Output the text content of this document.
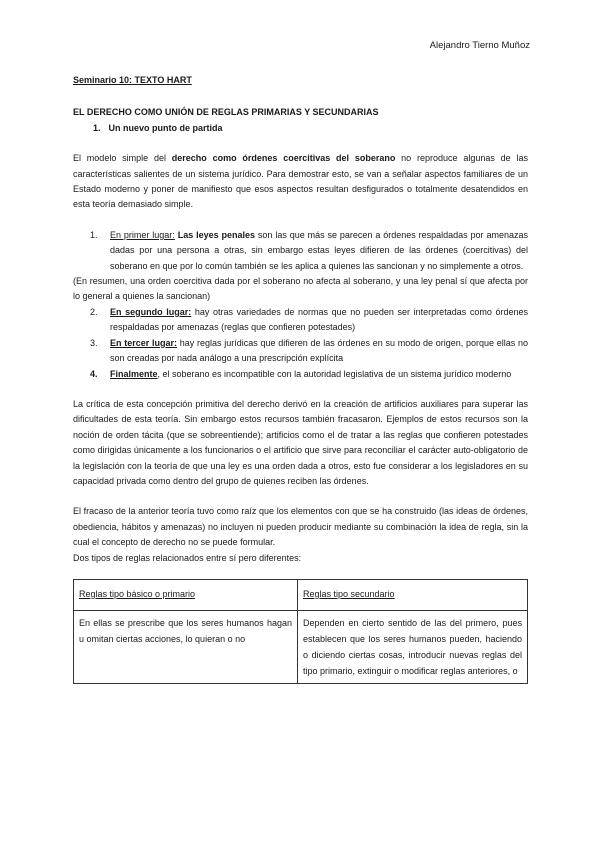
Alejandro Tierno Muñoz

Seminario 10: TEXTO HART

EL DERECHO COMO UNIÓN DE REGLAS PRIMARIAS Y SECUNDARIAS

1. Un nuevo punto de partida

El modelo simple del derecho como órdenes coercitivas del soberano no reproduce algunas de las características salientes de un sistema jurídico. Para demostrar esto, se van a señalar aspectos familiares de un Estado moderno y poner de manifiesto que esos aspectos resultan desfigurados o totalmente desatendidos en esta teoría demasiado simple.

1. En primer lugar: Las leyes penales son las que más se parecen a órdenes respaldadas por amenazas dadas por una persona a otras, sin embargo estas leyes difieren de las órdenes (coercitivas) del soberano en que por lo común también se les aplica a quienes las sancionan y no simplemente a otros.

(En resumen, una orden coercitiva dada por el soberano no afecta al soberano, y una ley penal sí que afecta por lo general a quienes la sancionan)

2. En segundo lugar: hay otras variedades de normas que no pueden ser interpretadas como órdenes respaldadas por amenazas (reglas que confieren potestades)
3. En tercer lugar: hay reglas jurídicas que difieren de las órdenes en su modo de origen, porque ellas no son creadas por nada análogo a una prescripción explícita
4. Finalmente, el soberano es incompatible con la autoridad legislativa de un sistema jurídico moderno

La crítica de esta concepción primitiva del derecho derivó en la creación de artificios auxiliares para superar las dificultades de esta teoría. Sin embargo estos recursos también fracasaron. Ejemplos de estos recursos son la noción de orden tácita (que se sobreentiende); artificios como el de tratar a las reglas que confieren potestades como dirigidas únicamente a los funcionarios o el artificio que sirve para reconciliar el carácter auto-obligatorio de la legislación con la teoría de que una ley es una orden dada a otros, esto fue considerar a los legisladores en su capacidad privada como dentro del grupo de quienes reciben las órdenes.

El fracaso de la anterior teoría tuvo como raíz que los elementos con que se ha construido (las ideas de órdenes, obediencia, hábitos y amenazas) no incluyen ni pueden producir mediante su combinación la idea de regla, sin la cual el concepto de derecho no se puede formular.

Dos tipos de reglas relacionados entre sí pero diferentes:

Reglas tipo básico o primario	Reglas tipo secundario
En ellas se prescribe que los seres humanos hagan u omitan ciertas acciones, lo quieran o no	Dependen en cierto sentido de las del primero, pues establecen que los seres humanos pueden, haciendo o diciendo ciertas cosas, introducir nuevas reglas del tipo primario, extinguir o modificar reglas anteriores, o
